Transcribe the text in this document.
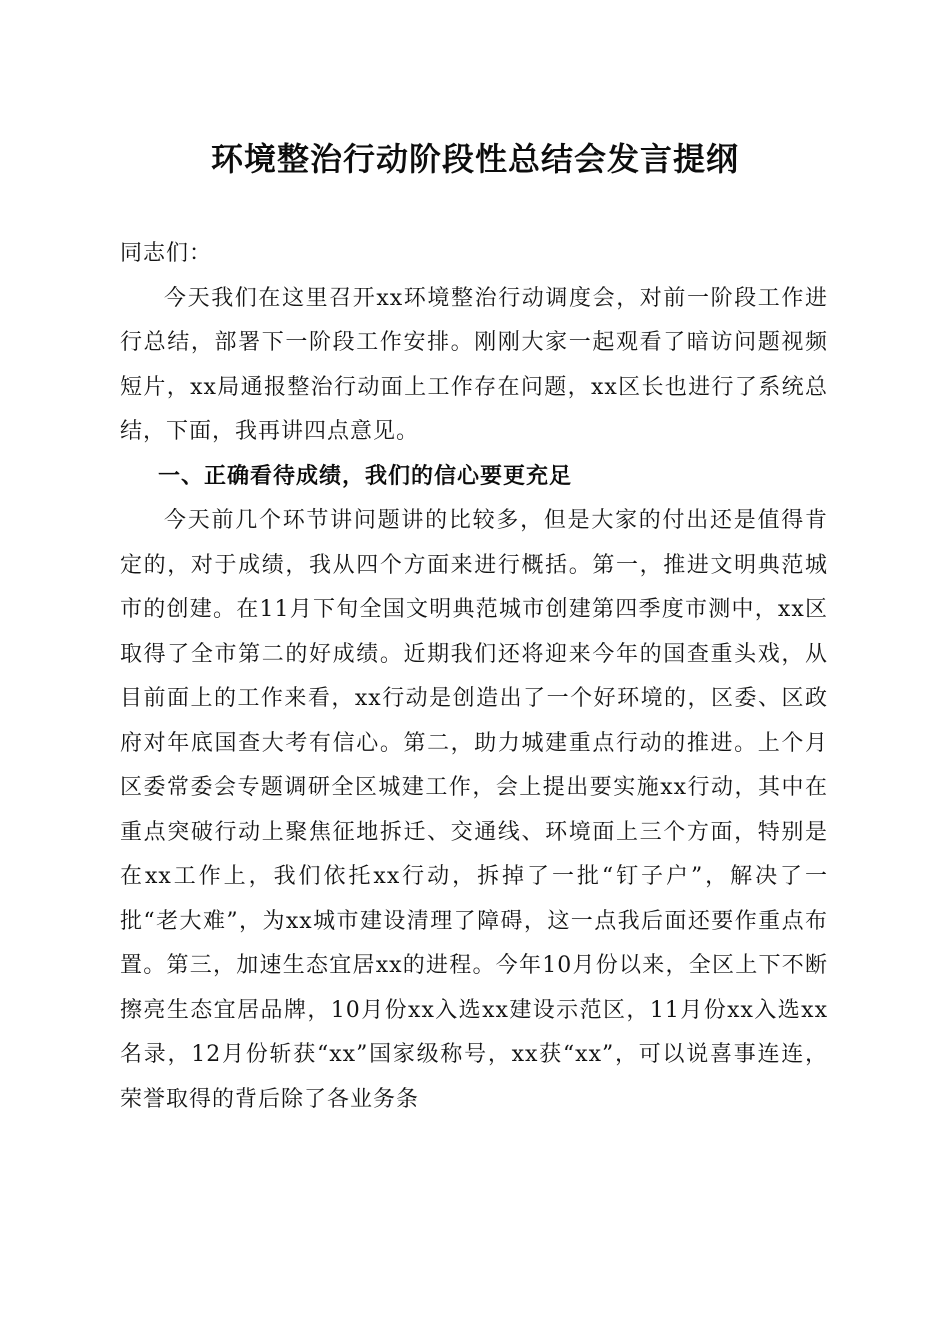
环境整治行动阶段性总结会发言提纲

同志们：

今天我们在这里召开xx环境整治行动调度会，对前一阶段工作进行总结，部署下一阶段工作安排。刚刚大家一起观看了暗访问题视频短片，xx局通报整治行动面上工作存在问题，xx区长也进行了系统总结，下面，我再讲四点意见。

一、正确看待成绩，我们的信心要更充足

今天前几个环节讲问题讲的比较多，但是大家的付出还是值得肯定的，对于成绩，我从四个方面来进行概括。第一，推进文明典范城市的创建。在11月下旬全国文明典范城市创建第四季度市测中，xx区取得了全市第二的好成绩。近期我们还将迎来今年的国查重头戏，从目前面上的工作来看，xx行动是创造出了一个好环境的，区委、区政府对年底国查大考有信心。第二，助力城建重点行动的推进。上个月区委常委会专题调研全区城建工作，会上提出要实施xx行动，其中在重点突破行动上聚焦征地拆迁、交通线、环境面上三个方面，特别是在xx工作上，我们依托xx行动，拆掉了一批“钉子户”，解决了一批“老大难”，为xx城市建设清理了障碍，这一点我后面还要作重点布置。第三，加速生态宜居xx的进程。今年10月份以来，全区上下不断擦亮生态宜居品牌，10月份xx入选xx建设示范区，11月份xx入选xx名录，12月份斩获“xx”国家级称号，xx获“xx”，可以说喜事连连，荣誉取得的背后除了各业务条
